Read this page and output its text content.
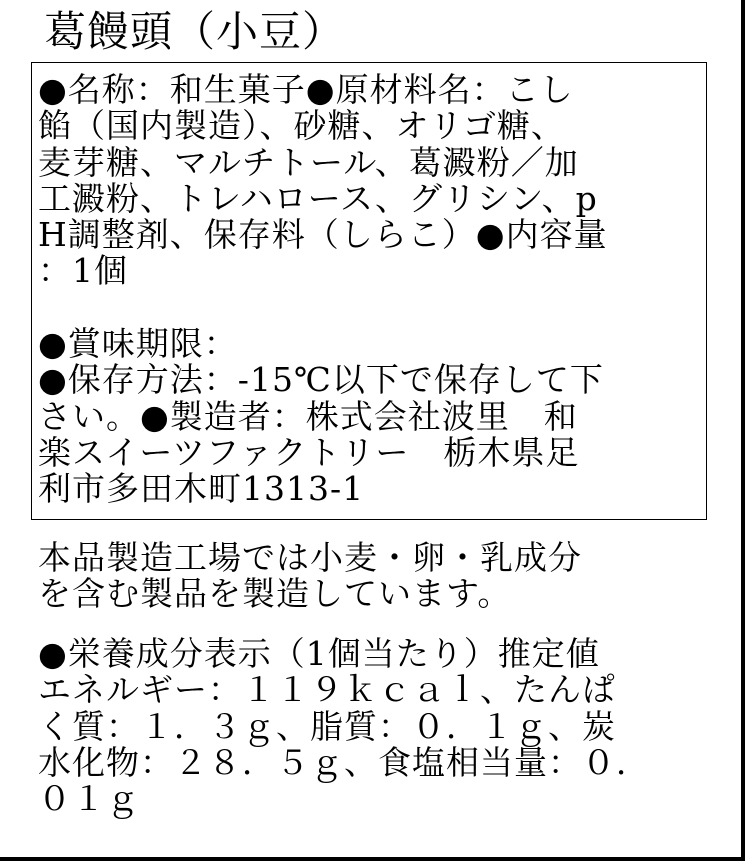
葛饅頭（小豆）
●名称：和生菓子●原材料名：こし
餡（国内製造）、砂糖、オリゴ糖、
麦芽糖、マルチトール、葛澱粉／加
工澱粉、トレハロース、グリシン、p
H調整剤、保存料（しらこ）●内容量
：1個
●賞味期限：
●保存方法：-15℃以下で保存して下
さい。●製造者：株式会社波里　和
楽スイーツファクトリー　栃木県足
利市多田木町1313-1
本品製造工場では小麦・卵・乳成分
を含む製品を製造しています。
●栄養成分表示（1個当たり）推定値
エネルギー：１１９ｋｃａｌ、たんぱ
く質：１．３ｇ、脂質：０．１ｇ、炭
水化物：２８．５ｇ、食塩相当量：０．
０１ｇ
